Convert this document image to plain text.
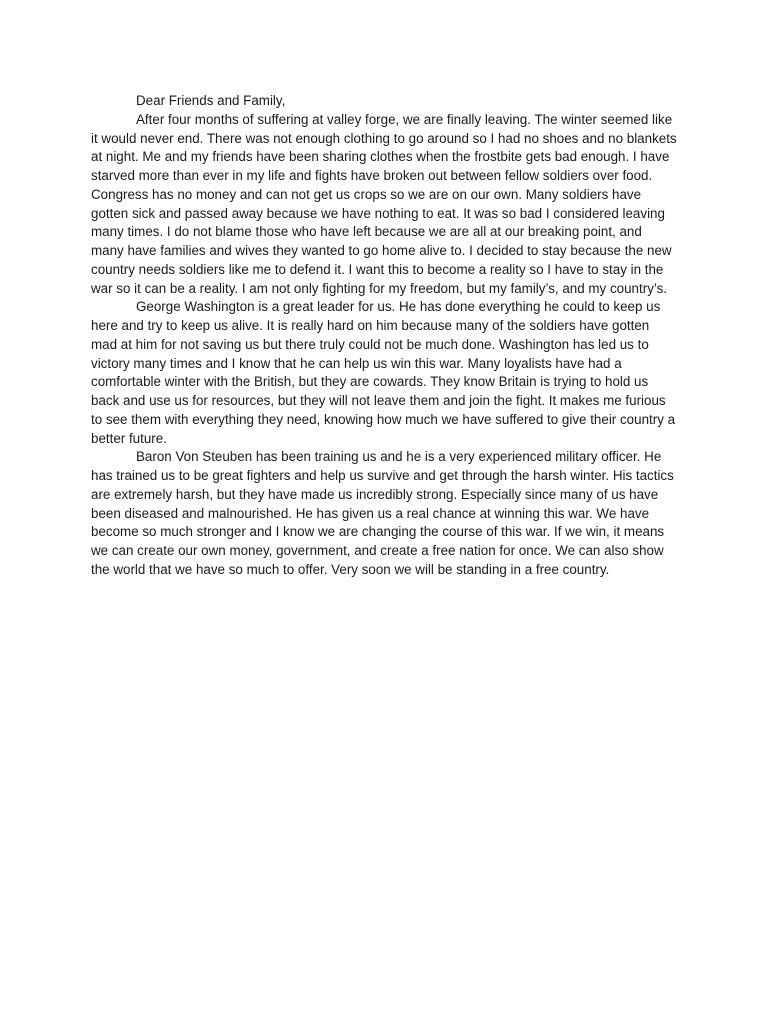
Dear Friends and Family,

After four months of suffering at valley forge, we are finally leaving. The winter seemed like it would never end. There was not enough clothing to go around so I had no shoes and no blankets at night. Me and my friends have been sharing clothes when the frostbite gets bad enough. I have starved more than ever in my life and fights have broken out between fellow soldiers over food. Congress has no money and can not get us crops so we are on our own. Many soldiers have gotten sick and passed away because we have nothing to eat. It was so bad I considered leaving many times. I do not blame those who have left because we are all at our breaking point, and many have families and wives they wanted to go home alive to. I decided to stay because the new country needs soldiers like me to defend it. I want this to become a reality so I have to stay in the war so it can be a reality. I am not only fighting for my freedom, but my family’s, and my country’s.

George Washington is a great leader for us. He has done everything he could to keep us here and try to keep us alive. It is really hard on him because many of the soldiers have gotten mad at him for not saving us but there truly could not be much done. Washington has led us to victory many times and I know that he can help us win this war. Many loyalists have had a comfortable winter with the British, but they are cowards. They know Britain is trying to hold us back and use us for resources, but they will not leave them and join the fight. It makes me furious to see them with everything they need, knowing how much we have suffered to give their country a better future.

Baron Von Steuben has been training us and he is a very experienced military officer. He has trained us to be great fighters and help us survive and get through the harsh winter. His tactics are extremely harsh, but they have made us incredibly strong. Especially since many of us have been diseased and malnourished. He has given us a real chance at winning this war. We have become so much stronger and I know we are changing the course of this war. If we win, it means we can create our own money, government, and create a free nation for once. We can also show the world that we have so much to offer. Very soon we will be standing in a free country.
